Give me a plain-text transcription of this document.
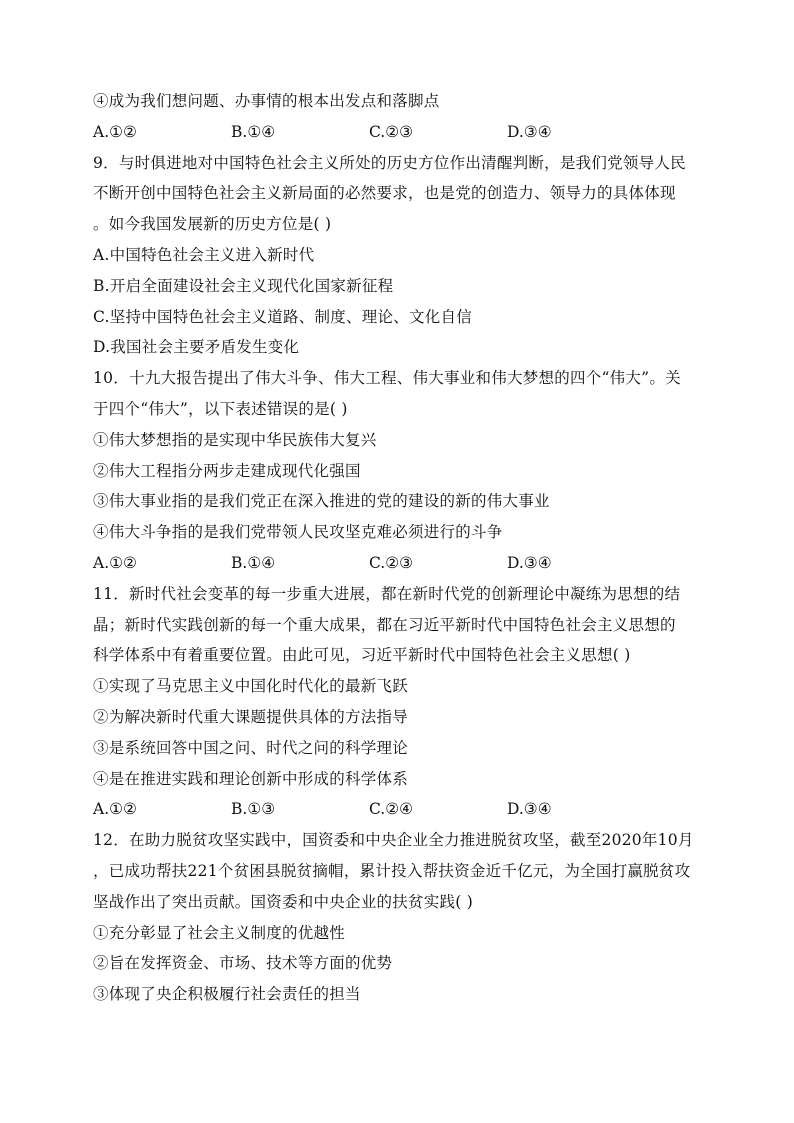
④成为我们想问题、办事情的根本出发点和落脚点
A.①②	B.①④	C.②③	D.③④
9．与时俱进地对中国特色社会主义所处的历史方位作出清醒判断，是我们党领导人民
不断开创中国特色社会主义新局面的必然要求，也是党的创造力、领导力的具体体现
。如今我国发展新的历史方位是( )
A.中国特色社会主义进入新时代
B.开启全面建设社会主义现代化国家新征程
C.坚持中国特色社会主义道路、制度、理论、文化自信
D.我国社会主要矛盾发生变化
10．十九大报告提出了伟大斗争、伟大工程、伟大事业和伟大梦想的四个“伟大”。关
于四个“伟大”，以下表述错误的是( )
①伟大梦想指的是实现中华民族伟大复兴
②伟大工程指分两步走建成现代化强国
③伟大事业指的是我们党正在深入推进的党的建设的新的伟大事业
④伟大斗争指的是我们党带领人民攻坚克难必须进行的斗争
A.①②	B.①④	C.②③	D.③④
11．新时代社会变革的每一步重大进展，都在新时代党的创新理论中凝练为思想的结
晶；新时代实践创新的每一个重大成果，都在习近平新时代中国特色社会主义思想的
科学体系中有着重要位置。由此可见，习近平新时代中国特色社会主义思想( )
①实现了马克思主义中国化时代化的最新飞跃
②为解决新时代重大课题提供具体的方法指导
③是系统回答中国之问、时代之问的科学理论
④是在推进实践和理论创新中形成的科学体系
A.①②	B.①③	C.②④	D.③④
12．在助力脱贫攻坚实践中，国资委和中央企业全力推进脱贫攻坚，截至2020年10月
，已成功帮扶221个贫困县脱贫摘帽，累计投入帮扶资金近千亿元，为全国打赢脱贫攻
坚战作出了突出贡献。国资委和中央企业的扶贫实践( )
①充分彰显了社会主义制度的优越性
②旨在发挥资金、市场、技术等方面的优势
③体现了央企积极履行社会责任的担当
